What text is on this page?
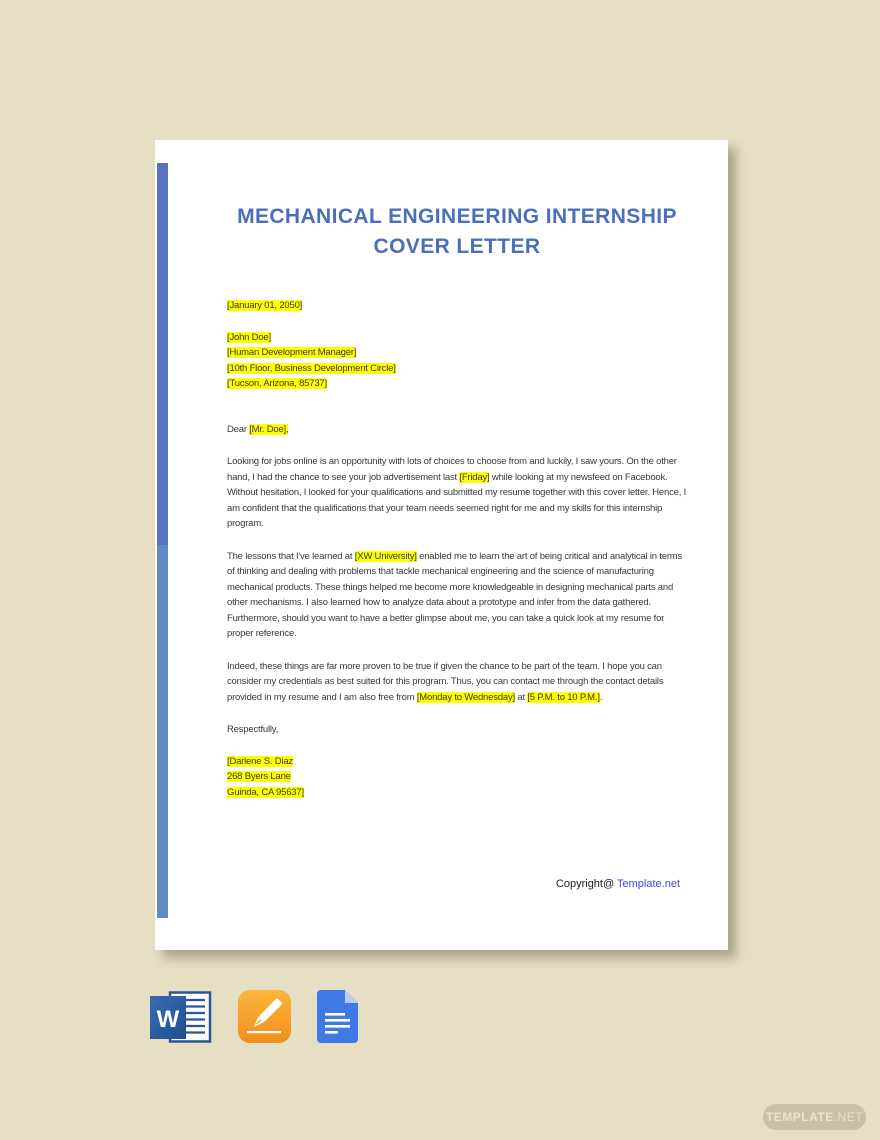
MECHANICAL ENGINEERING INTERNSHIP
COVER LETTER
[January 01, 2050]
[John Doe]
[Human Development Manager]
[10th Floor, Business Development Circle]
[Tucson, Arizona, 85737]
Dear [Mr. Doe],

Looking for jobs online is an opportunity with lots of choices to choose from and luckily, I saw yours. On the other hand, I had the chance to see your job advertisement last [Friday] while looking at my newsfeed on Facebook. Without hesitation, I looked for your qualifications and submitted my resume together with this cover letter. Hence, I am confident that the qualifications that your team needs seemed right for me and my skills for this internship program.

The lessons that I've learned at [XW University] enabled me to learn the art of being critical and analytical in terms of thinking and dealing with problems that tackle mechanical engineering and the science of manufacturing mechanical products. These things helped me become more knowledgeable in designing mechanical parts and other mechanisms. I also learned how to analyze data about a prototype and infer from the data gathered. Furthermore, should you want to have a better glimpse about me, you can take a quick look at my resume for proper reference.

Indeed, these things are far more proven to be true if given the chance to be part of the team. I hope you can consider my credentials as best suited for this program. Thus, you can contact me through the contact details provided in my resume and I am also free from [Monday to Wednesday] at [5 P.M. to 10 P.M.].

Respectfully,
[Darlene S. Diaz
268 Byers Lane
Guinda, CA 95637]
Copyright@ Template.net
W
TEMPLATE .NET
